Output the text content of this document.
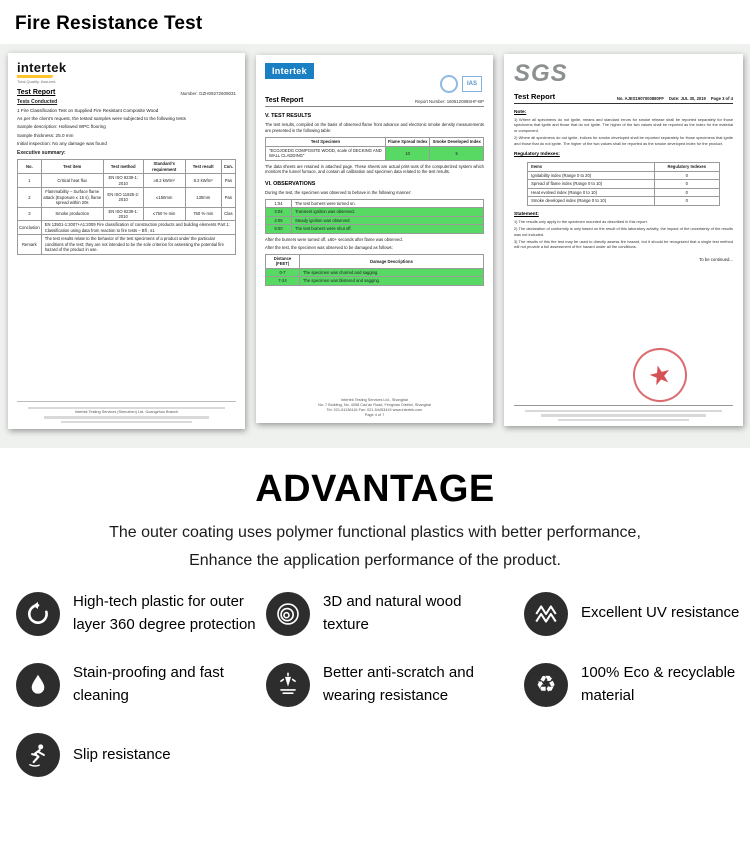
Fire Resistance Test
intertek
Total Quality. Assured.
Test Report	Number: GZH09272609031
Tests Conducted
1 Fire Classification Test on Supplied Fire Resistant Composite Wood
As per the client's request, the tested samples were subjected to the following tests
Sample description: Hollowed WPC flooring
Sample thickness: 25.0 mm
Initial inspection: No any damage was found
Executive summary:
No.	Test item	Test method	Standard's requirement	Test result	Con.
1	Critical heat flux	EN ISO 9239-1: 2010	≥8.2 kW/m²	8.2 kW/m²	Pas
2	Flammability – Surface flame attack (Exposure ≤ 15 s), flame spread within 20s	EN ISO 11925-2: 2010	≤150mm	130mm	Pas
3	Smoke production	EN ISO 9239-1: 2010	≤750 %·min	750 %·min	Clas
Conclusion	EN 13501-1:2007+A1:2009 Fire classification of construction products and building elements Part 1: Classification using data from reaction to fire tests – Bfl , s1				
Remark	The test results relate to the behavior of the test specimens of a product under the particular conditions of the test; they are not intended to be the sole criterion for assessing the potential fire hazard of the product in use.				
Intertek Testing Services (Shenzhen) Ltd. Guangzhou Branch
Intertek
IAS
Test Report	Report Number: 160512089SHF-BP
V. TEST RESULTS

The test results, compiled on the basis of observed flame front advance and electronic smoke density measurements are presented in the following table:

Test Specimen	Flame Spread Index	Smoke Developed Index
"ECOJOEDG COMPOSITE WOOD, scale of DECKING AND WALL CLADDING"	10	5

The data sheets are retained in attached page. These sheets are actual print-outs of the computerized system which monitors the tunnel furnace, and contain all calibration and specimen data related to the test results.

VI. OBSERVATIONS

During the test, the specimen was observed to behave in the following manner:

1:04	The test burners were turned on.
3:04	Transient ignition was observed.
4:05	Steady ignition was observed.
9:00	The test burners were shut off.

After the burners were turned off, ±60+ seconds after flame was observed.

After the test, the specimen was observed to be damaged as follows:

Distance (FEET)	Damage Descriptions
0-7	The specimen was charred and sagging.
7-24	The specimen was blistered and sagging.
Intertek Testing Services Ltd., Shanghai
No. 7 Building, No. 4058 Cao'an Road, Fengxian District, Shanghai
Tel: 021-61136116 Fax: 021-54453419 www.intertek.com
Page 4 of 7
SGS
Test Report	No. AJES1907000880FF Date: JUL 30, 2019 Page 3 of 4
Note:

1) Where all specimens do not ignite, means and standard errors for smoke release shall be reported separately for those specimens that ignite and those that do not ignite. The higher of the two values shall be reported as the index for the material or component.

2) Where all specimens do not ignite, indices for smoke developed shall be reported separately for those specimens that ignite and those that do not ignite. The higher of the two values shall be reported as the smoke developed index for the product.

Regulatory Indexes:
Items	Regulatory Indexes
Ignitability index (Range 0 to 20)	0
Spread of flame index (Range 0 to 10)	0
Heat evolved index (Range 0 to 10)	0
Smoke developed index (Range 0 to 10)	0
Statement:

1) The results only apply to the specimen mounted as described in this report.

2) The declaration of conformity is only based on the result of this laboratory activity; the impact of the uncertainty of the results was not included.

3) The results of this fire test may be used to directly assess fire hazard, but it should be recognized that a single test method will not provide a full assessment of fire hazard under all fire conditions.

To be continued...
★
ADVANTAGE
The outer coating uses polymer functional plastics with better performance,
Enhance the application performance of the product.
High-tech plastic for outer layer 360 degree protection
3D and natural wood texture
Excellent UV resistance
Stain-proofing and fast cleaning
Better anti-scratch and wearing resistance	♻ 100% Eco & recyclable material
Slip resistance
